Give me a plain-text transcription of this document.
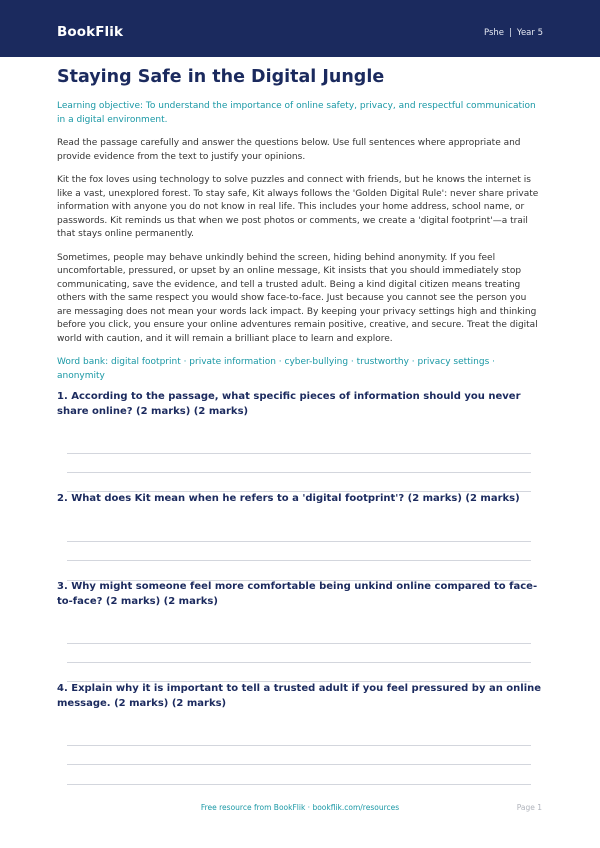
BookFlik	Pshe | Year 5
Staying Safe in the Digital Jungle
Learning objective: To understand the importance of online safety, privacy, and respectful communication in a digital environment.
Read the passage carefully and answer the questions below. Use full sentences where appropriate and provide evidence from the text to justify your opinions.
Kit the fox loves using technology to solve puzzles and connect with friends, but he knows the internet is like a vast, unexplored forest. To stay safe, Kit always follows the 'Golden Digital Rule': never share private information with anyone you do not know in real life. This includes your home address, school name, or passwords. Kit reminds us that when we post photos or comments, we create a 'digital footprint'—a trail that stays online permanently.
Sometimes, people may behave unkindly behind the screen, hiding behind anonymity. If you feel uncomfortable, pressured, or upset by an online message, Kit insists that you should immediately stop communicating, save the evidence, and tell a trusted adult. Being a kind digital citizen means treating others with the same respect you would show face-to-face. Just because you cannot see the person you are messaging does not mean your words lack impact. By keeping your privacy settings high and thinking before you click, you ensure your online adventures remain positive, creative, and secure. Treat the digital world with caution, and it will remain a brilliant place to learn and explore.
Word bank: digital footprint · private information · cyber-bullying · trustworthy · privacy settings · anonymity
1. According to the passage, what specific pieces of information should you never share online? (2 marks) (2 marks)
2. What does Kit mean when he refers to a 'digital footprint'? (2 marks) (2 marks)
3. Why might someone feel more comfortable being unkind online compared to face-to-face? (2 marks) (2 marks)
4. Explain why it is important to tell a trusted adult if you feel pressured by an online message. (2 marks) (2 marks)
Free resource from BookFlik · bookflik.com/resources	Page 1
